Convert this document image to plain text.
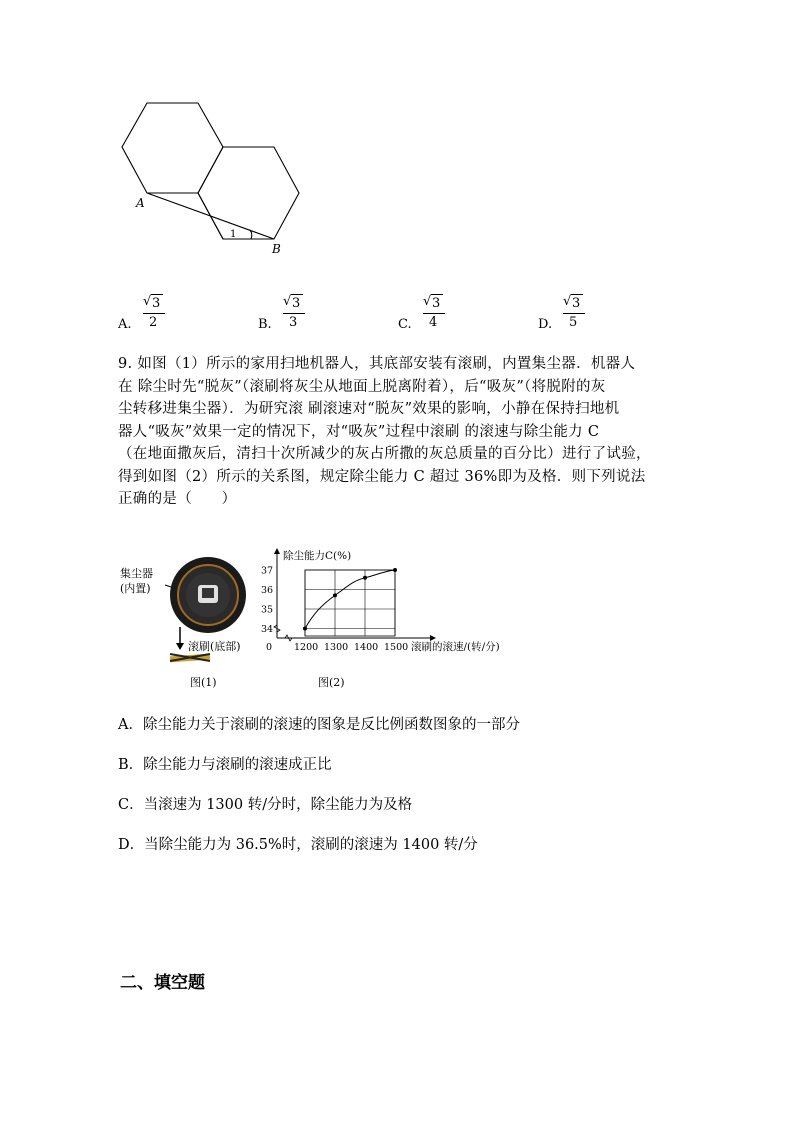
A
B
1
A.
√ 3
2	B.
√ 3
3	C.
√ 3
4	D.
√ 3
5
9. 如图（1）所示的家用扫地机器人，其底部安装有滚刷，内置集尘器．机器人
在 除尘时先“脱灰”（滚刷将灰尘从地面上脱离附着），后“吸灰”（将脱附的灰
尘转移进集尘器）．为研究滚 刷滚速对“脱灰”效果的影响，小静在保持扫地机
器人“吸灰”效果一定的情况下，对“吸灰”过程中滚刷 的滚速与除尘能力 C
（在地面撒灰后，清扫十次所减少的灰占所撒的灰总质量的百分比）进行了试验，
得到如图（2）所示的关系图，规定除尘能力 C 超过 36%即为及格．则下列说法
正确的是（　　）
集尘器
(内置)
滚刷(底部)
图(1)
1200 1300 1400 1500
34
35
36
37
除尘能力C(%)
滚刷的滚速/(转/分)
0
图(2)
A．除尘能力关于滚刷的滚速的图象是反比例函数图象的一部分
B．除尘能力与滚刷的滚速成正比
C．当滚速为 1300 转/分时，除尘能力为及格
D．当除尘能力为 36.5%时，滚刷的滚速为 1400 转/分
二、填空题
